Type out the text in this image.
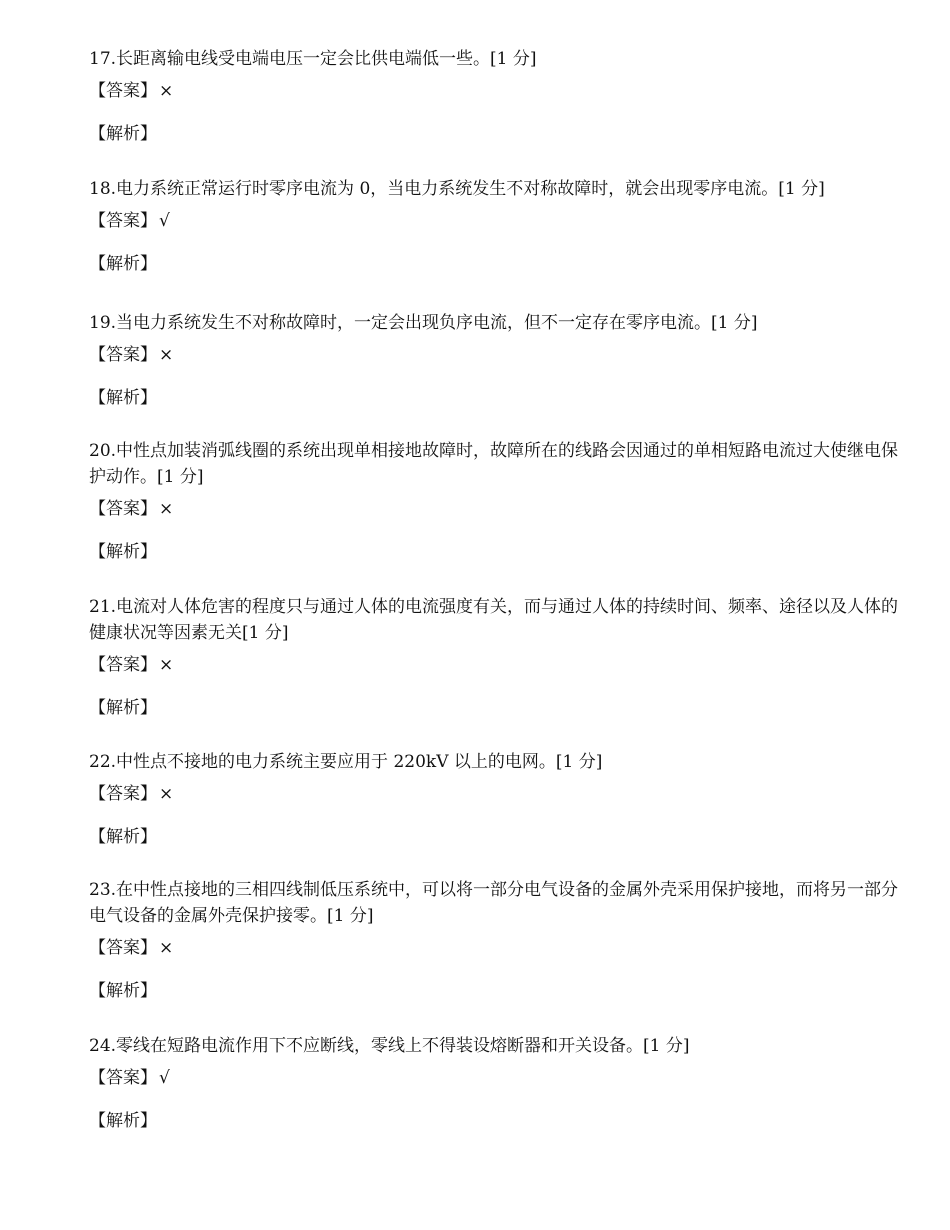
17.长距离输电线受电端电压一定会比供电端低一些。[1 分]

【答案】 ×

【解析】

18.电力系统正常运行时零序电流为 0，当电力系统发生不对称故障时，就会出现零序电流。[1 分]

【答案】 √

【解析】

19.当电力系统发生不对称故障时，一定会出现负序电流，但不一定存在零序电流。[1 分]

【答案】 ×

【解析】

20.中性点加装消弧线圈的系统出现单相接地故障时，故障所在的线路会因通过的单相短路电流过大使继电保护动作。[1 分]

【答案】 ×

【解析】

21.电流对人体危害的程度只与通过人体的电流强度有关，而与通过人体的持续时间、频率、途径以及人体的健康状况等因素无关[1 分]

【答案】 ×

【解析】

22.中性点不接地的电力系统主要应用于 220kV 以上的电网。[1 分]

【答案】 ×

【解析】

23.在中性点接地的三相四线制低压系统中，可以将一部分电气设备的金属外壳采用保护接地，而将另一部分电气设备的金属外壳保护接零。[1 分]

【答案】 ×

【解析】

24.零线在短路电流作用下不应断线，零线上不得装设熔断器和开关设备。[1 分]

【答案】 √

【解析】
